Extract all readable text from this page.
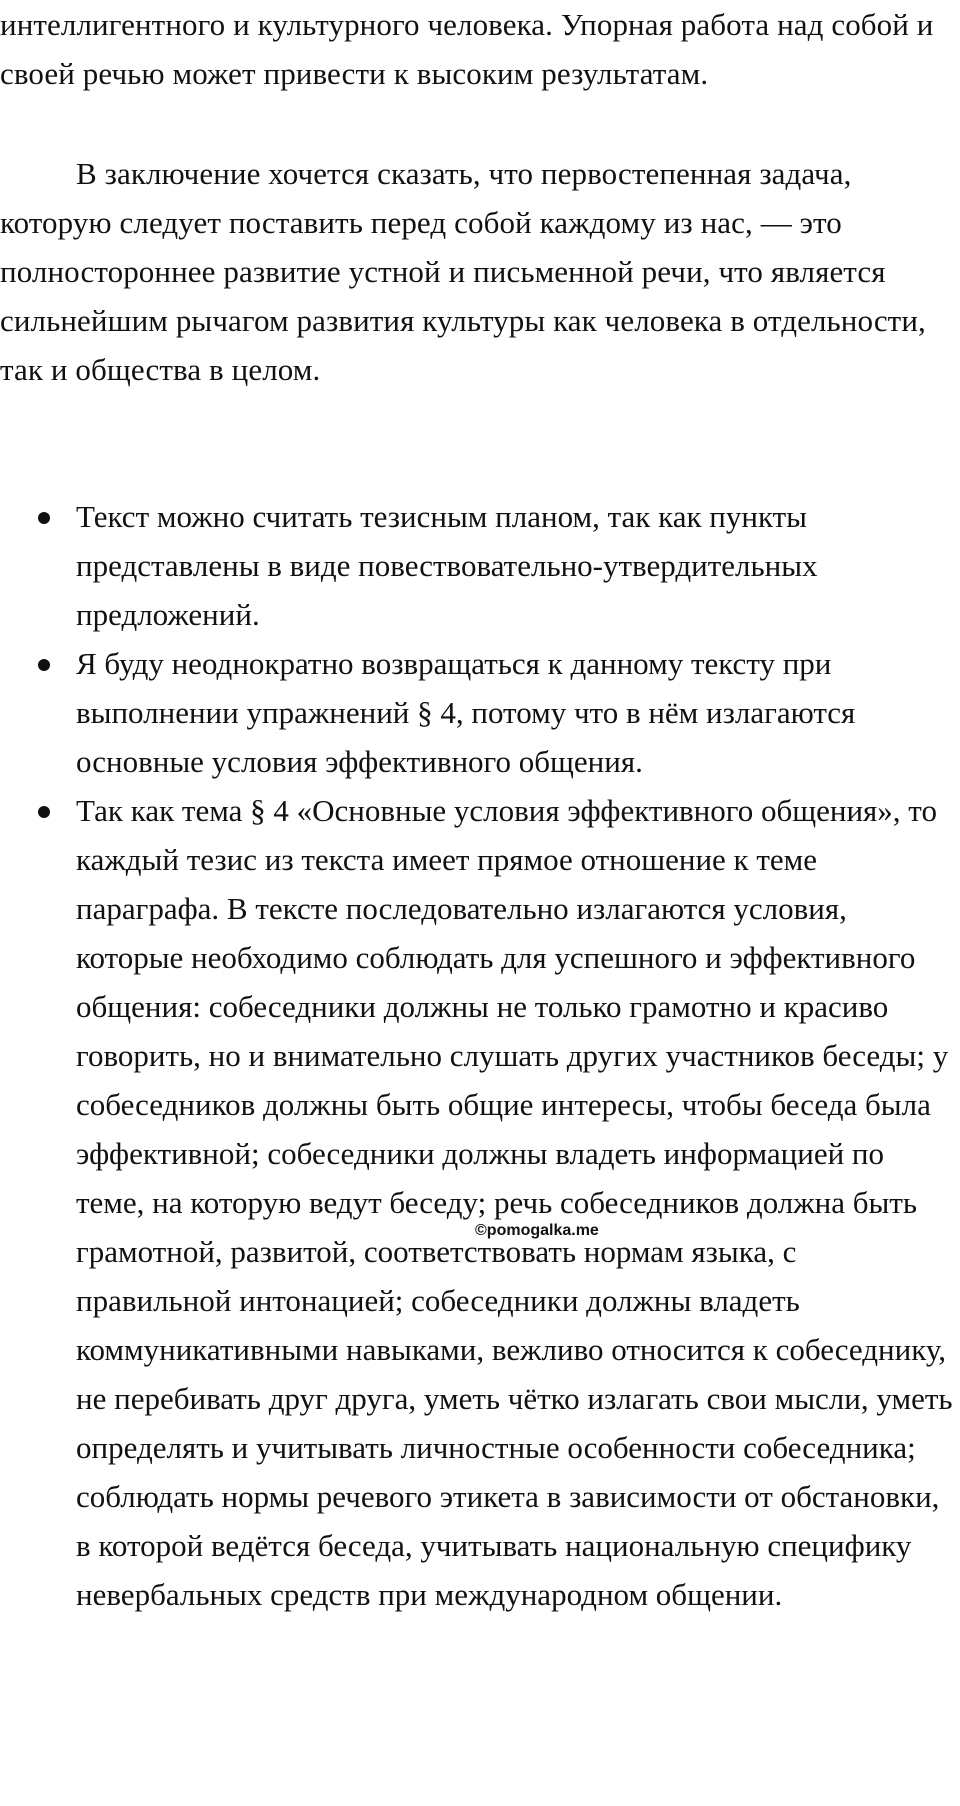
интеллигентного и культурного человека. Упорная работа над собой и своей речью может привести к высоким результатам.

В заключение хочется сказать, что первостепенная задача, которую следует поставить перед собой каждому из нас, — это полностороннее развитие устной и письменной речи, что является сильнейшим рычагом развития культуры как человека в отдельности, так и общества в целом.

Текст можно считать тезисным планом, так как пункты представлены в виде повествовательно-утвердительных предложений.
Я буду неоднократно возвращаться к данному тексту при выполнении упражнений § 4, потому что в нём излагаются основные условия эффективного общения.
Так как тема § 4 «Основные условия эффективного общения», то каждый тезис из текста имеет прямое отношение к теме параграфа. В тексте последовательно излагаются условия, которые необходимо соблюдать для успешного и эффективного общения: собеседники должны не только грамотно и красиво говорить, но и внимательно слушать других участников беседы; у собеседников должны быть общие интересы, чтобы беседа была эффективной; собеседники должны владеть информацией по теме, на которую ведут беседу; речь собеседников должна быть грамотной, развитой, соответствовать нормам языка, с правильной интонацией; собеседники должны владеть коммуникативными навыками, вежливо относится к собеседнику, не перебивать друг друга, уметь чётко излагать свои мысли, уметь определять и учитывать личностные особенности собеседника; соблюдать нормы речевого этикета в зависимости от обстановки, в которой ведётся беседа, учитывать национальную специфику невербальных средств при международном общении.
©pomogalka.me
